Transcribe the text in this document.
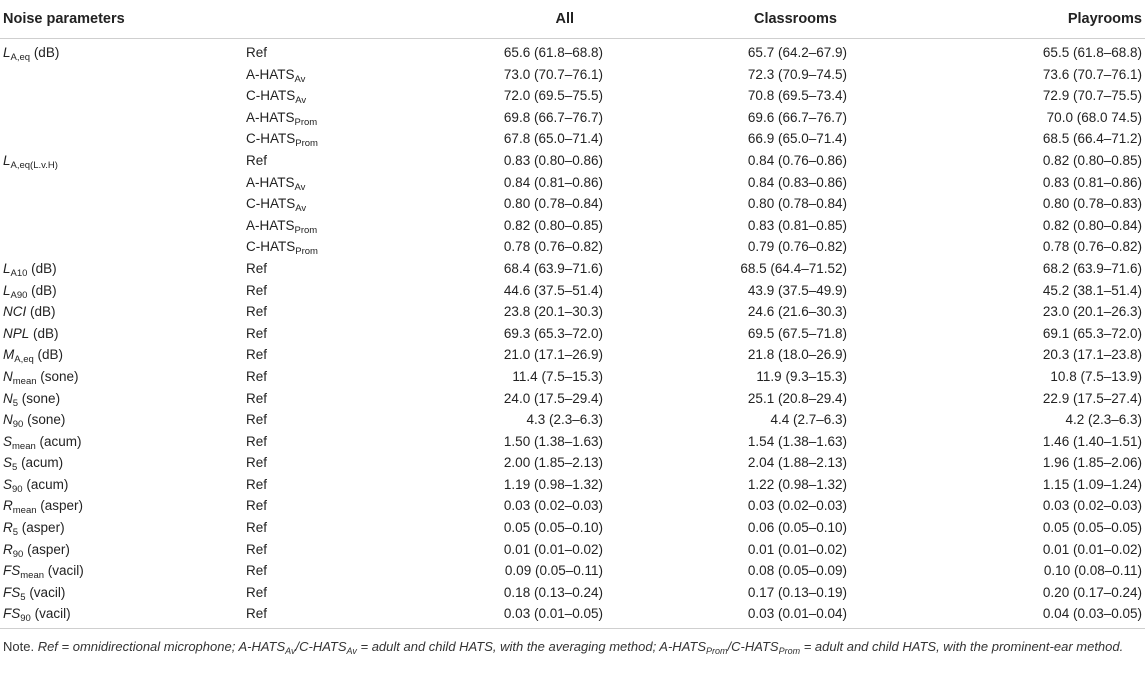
Noise parameters		All	Classrooms	Playrooms
$L_{A,eq}$ (dB)	Ref	65.6 (61.8–68.8)	65.7 (64.2–67.9)	65.5 (61.8–68.8)
	$A-HATS_{Av}$	73.0 (70.7–76.1)	72.3 (70.9–74.5)	73.6 (70.7–76.1)
	$C-HATS_{Av}$	72.0 (69.5–75.5)	70.8 (69.5–73.4)	72.9 (70.7–75.5)
	$A-HATS_{Prom}$	69.8 (66.7–76.7)	69.6 (66.7–76.7)	70.0 (68.0 74.5)
	$C-HATS_{Prom}$	67.8 (65.0–71.4)	66.9 (65.0–71.4)	68.5 (66.4–71.2)
$L_{A,eq(L.v.H)}$	Ref	0.83 (0.80–0.86)	0.84 (0.76–0.86)	0.82 (0.80–0.85)
	$A-HATS_{Av}$	0.84 (0.81–0.86)	0.84 (0.83–0.86)	0.83 (0.81–0.86)
	$C-HATS_{Av}$	0.80 (0.78–0.84)	0.80 (0.78–0.84)	0.80 (0.78–0.83)
	$A-HATS_{Prom}$	0.82 (0.80–0.85)	0.83 (0.81–0.85)	0.82 (0.80–0.84)
	$C-HATS_{Prom}$	0.78 (0.76–0.82)	0.79 (0.76–0.82)	0.78 (0.76–0.82)
$L_{A10}$ (dB)	Ref	68.4 (63.9–71.6)	68.5 (64.4–71.52)	68.2 (63.9–71.6)
$L_{A90}$ (dB)	Ref	44.6 (37.5–51.4)	43.9 (37.5–49.9)	45.2 (38.1–51.4)
NCI (dB)	Ref	23.8 (20.1–30.3)	24.6 (21.6–30.3)	23.0 (20.1–26.3)
NPL (dB)	Ref	69.3 (65.3–72.0)	69.5 (67.5–71.8)	69.1 (65.3–72.0)
$M_{A,eq}$ (dB)	Ref	21.0 (17.1–26.9)	21.8 (18.0–26.9)	20.3 (17.1–23.8)
$N_{mean}$ (sone)	Ref	11.4 (7.5–15.3)	11.9 (9.3–15.3)	10.8 (7.5–13.9)
$N_5$ (sone)	Ref	24.0 (17.5–29.4)	25.1 (20.8–29.4)	22.9 (17.5–27.4)
$N_{90}$ (sone)	Ref	4.3 (2.3–6.3)	4.4 (2.7–6.3)	4.2 (2.3–6.3)
$S_{mean}$ (acum)	Ref	1.50 (1.38–1.63)	1.54 (1.38–1.63)	1.46 (1.40–1.51)
$S_5$ (acum)	Ref	2.00 (1.85–2.13)	2.04 (1.88–2.13)	1.96 (1.85–2.06)
$S_{90}$ (acum)	Ref	1.19 (0.98–1.32)	1.22 (0.98–1.32)	1.15 (1.09–1.24)
$R_{mean}$ (asper)	Ref	0.03 (0.02–0.03)	0.03 (0.02–0.03)	0.03 (0.02–0.03)
$R_5$ (asper)	Ref	0.05 (0.05–0.10)	0.06 (0.05–0.10)	0.05 (0.05–0.05)
$R_{90}$ (asper)	Ref	0.01 (0.01–0.02)	0.01 (0.01–0.02)	0.01 (0.01–0.02)
$FS_{mean}$ (vacil)	Ref	0.09 (0.05–0.11)	0.08 (0.05–0.09)	0.10 (0.08–0.11)
$FS_5$ (vacil)	Ref	0.18 (0.13–0.24)	0.17 (0.13–0.19)	0.20 (0.17–0.24)
$FS_{90}$ (vacil)	Ref	0.03 (0.01–0.05)	0.03 (0.01–0.04)	0.04 (0.03–0.05)
Note. Ref = omnidirectional microphone; $A-HATS_{Av}/C-HATS_{Av}$ = adult and child HATS, with the averaging method; $A-HATS_{Prom}/C-HATS_{Prom}$ = adult and child HATS, with the prominent-ear method.
